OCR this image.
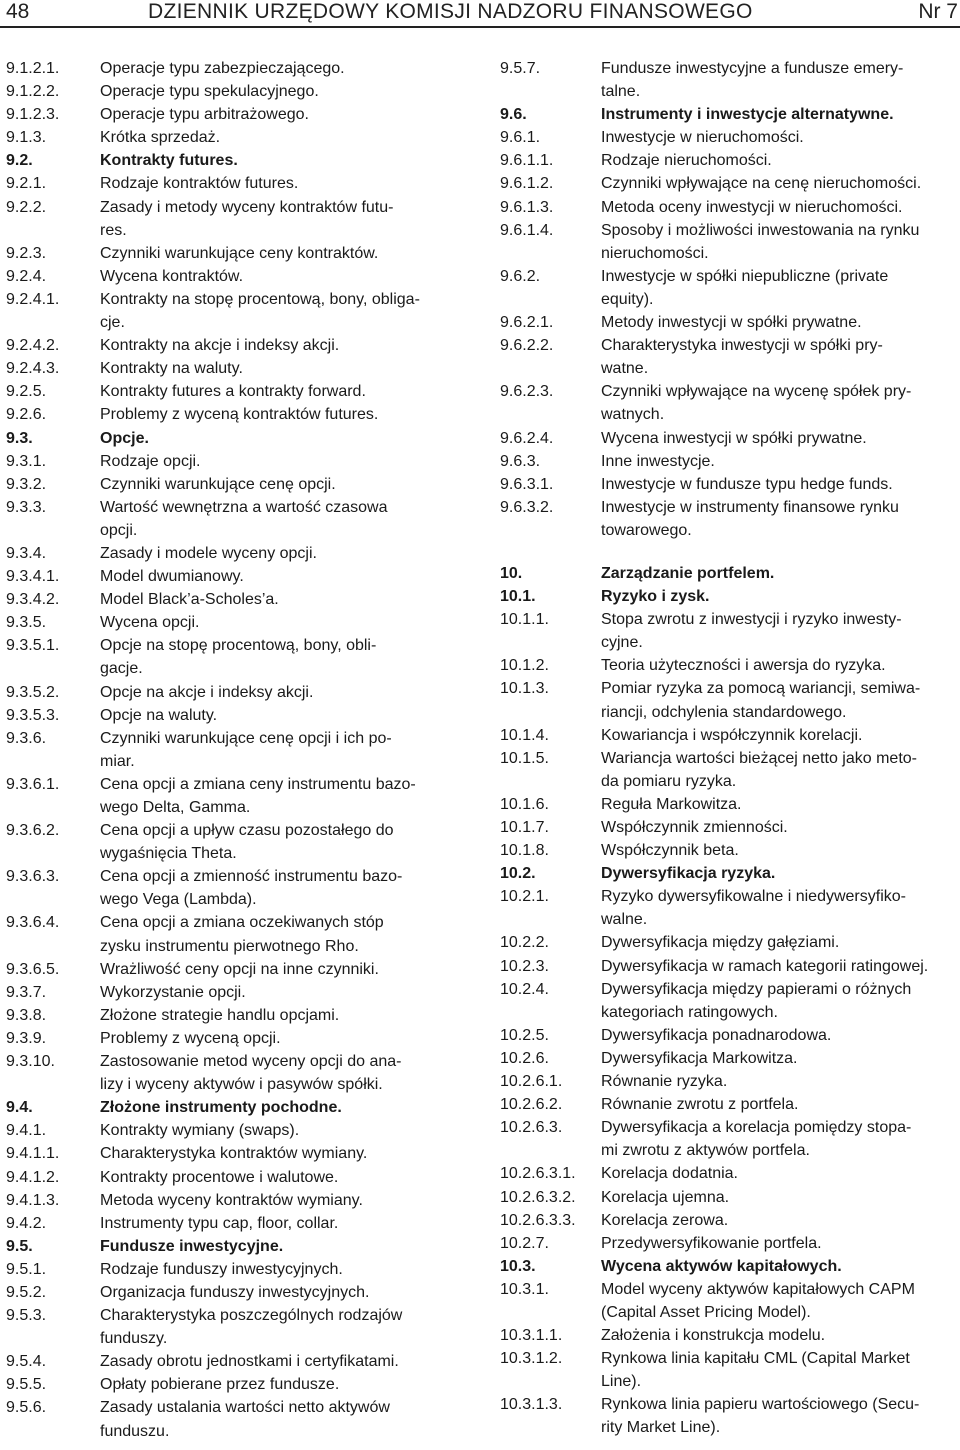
48	DZIENNIK URZĘDOWY KOMISJI NADZORU FINANSOWEGO	Nr 7
9.1.2.1.	Operacje typu zabezpieczającego.
9.1.2.2.	Operacje typu spekulacyjnego.
9.1.2.3.	Operacje typu arbitrażowego.
9.1.3.	Krótka sprzedaż.
9.2.	Kontrakty futures.
9.2.1.	Rodzaje kontraktów futures.
9.2.2.	Zasady i metody wyceny kontraktów futu-
res.
9.2.3.	Czynniki warunkujące ceny kontraktów.
9.2.4.	Wycena kontraktów.
9.2.4.1.	Kontrakty na stopę procentową, bony, obliga-
cje.
9.2.4.2.	Kontrakty na akcje i indeksy akcji.
9.2.4.3.	Kontrakty na waluty.
9.2.5.	Kontrakty futures a kontrakty forward.
9.2.6.	Problemy z wyceną kontraktów futures.
9.3.	Opcje.
9.3.1.	Rodzaje opcji.
9.3.2.	Czynniki warunkujące cenę opcji.
9.3.3.	Wartość wewnętrzna a wartość czasowa
opcji.
9.3.4.	Zasady i modele wyceny opcji.
9.3.4.1.	Model dwumianowy.
9.3.4.2.	Model Black’a-Scholes’a.
9.3.5.	Wycena opcji.
9.3.5.1.	Opcje na stopę procentową, bony, obli-
gacje.
9.3.5.2.	Opcje na akcje i indeksy akcji.
9.3.5.3.	Opcje na waluty.
9.3.6.	Czynniki warunkujące cenę opcji i ich po-
miar.
9.3.6.1.	Cena opcji a zmiana ceny instrumentu bazo-
wego Delta, Gamma.
9.3.6.2.	Cena opcji a upływ czasu pozostałego do
wygaśnięcia Theta.
9.3.6.3.	Cena opcji a zmienność instrumentu bazo-
wego Vega (Lambda).
9.3.6.4.	Cena opcji a zmiana oczekiwanych stóp
zysku instrumentu pierwotnego Rho.
9.3.6.5.	Wrażliwość ceny opcji na inne czynniki.
9.3.7.	Wykorzystanie opcji.
9.3.8.	Złożone strategie handlu opcjami.
9.3.9.	Problemy z wyceną opcji.
9.3.10.	Zastosowanie metod wyceny opcji do ana-
lizy i wyceny aktywów i pasywów spółki.
9.4.	Złożone instrumenty pochodne.
9.4.1.	Kontrakty wymiany (swaps).
9.4.1.1.	Charakterystyka kontraktów wymiany.
9.4.1.2.	Kontrakty procentowe i walutowe.
9.4.1.3.	Metoda wyceny kontraktów wymiany.
9.4.2.	Instrumenty typu cap, floor, collar.
9.5.	Fundusze inwestycyjne.
9.5.1.	Rodzaje funduszy inwestycyjnych.
9.5.2.	Organizacja funduszy inwestycyjnych.
9.5.3.	Charakterystyka poszczególnych rodzajów
funduszy.
9.5.4.	Zasady obrotu jednostkami i certyfikatami.
9.5.5.	Opłaty pobierane przez fundusze.
9.5.6.	Zasady ustalania wartości netto aktywów
funduszu.
9.5.7.	Fundusze inwestycyjne a fundusze emery-
talne.
9.6.	Instrumenty i inwestycje alternatywne.
9.6.1.	Inwestycje w nieruchomości.
9.6.1.1.	Rodzaje nieruchomości.
9.6.1.2.	Czynniki wpływające na cenę nieruchomości.
9.6.1.3.	Metoda oceny inwestycji w nieruchomości.
9.6.1.4.	Sposoby i możliwości inwestowania na rynku
nieruchomości.
9.6.2.	Inwestycje w spółki niepubliczne (private
equity).
9.6.2.1.	Metody inwestycji w spółki prywatne.
9.6.2.2.	Charakterystyka inwestycji w spółki pry-
watne.
9.6.2.3.	Czynniki wpływające na wycenę spółek pry-
watnych.
9.6.2.4.	Wycena inwestycji w spółki prywatne.
9.6.3.	Inne inwestycje.
9.6.3.1.	Inwestycje w fundusze typu hedge funds.
9.6.3.2.	Inwestycje w instrumenty finansowe rynku
towarowego.
10.	Zarządzanie portfelem.
10.1.	Ryzyko i zysk.
10.1.1.	Stopa zwrotu z inwestycji i ryzyko inwesty-
cyjne.
10.1.2.	Teoria użyteczności i awersja do ryzyka.
10.1.3.	Pomiar ryzyka za pomocą wariancji, semiwa-
riancji, odchylenia standardowego.
10.1.4.	Kowariancja i współczynnik korelacji.
10.1.5.	Wariancja wartości bieżącej netto jako meto-
da pomiaru ryzyka.
10.1.6.	Reguła Markowitza.
10.1.7.	Współczynnik zmienności.
10.1.8.	Współczynnik beta.
10.2.	Dywersyfikacja ryzyka.
10.2.1.	Ryzyko dywersyfikowalne i niedywersyfiko-
walne.
10.2.2.	Dywersyfikacja między gałęziami.
10.2.3.	Dywersyfikacja w ramach kategorii ratingowej.
10.2.4.	Dywersyfikacja między papierami o różnych
kategoriach ratingowych.
10.2.5.	Dywersyfikacja ponadnarodowa.
10.2.6.	Dywersyfikacja Markowitza.
10.2.6.1. Równanie ryzyka.
10.2.6.2. Równanie zwrotu z portfela.
10.2.6.3. Dywersyfikacja a korelacja pomiędzy stopa-
mi zwrotu z aktywów portfela.
10.2.6.3.1. Korelacja dodatnia.
10.2.6.3.2. Korelacja ujemna.
10.2.6.3.3. Korelacja zerowa.
10.2.7.	Przedywersyfikowanie portfela.
10.3.	Wycena aktywów kapitałowych.
10.3.1.	Model wyceny aktywów kapitałowych CAPM
(Capital Asset Pricing Model).
10.3.1.1. Założenia i konstrukcja modelu.
10.3.1.2. Rynkowa linia kapitału CML (Capital Market
Line).
10.3.1.3. Rynkowa linia papieru wartościowego (Secu-
rity Market Line).
